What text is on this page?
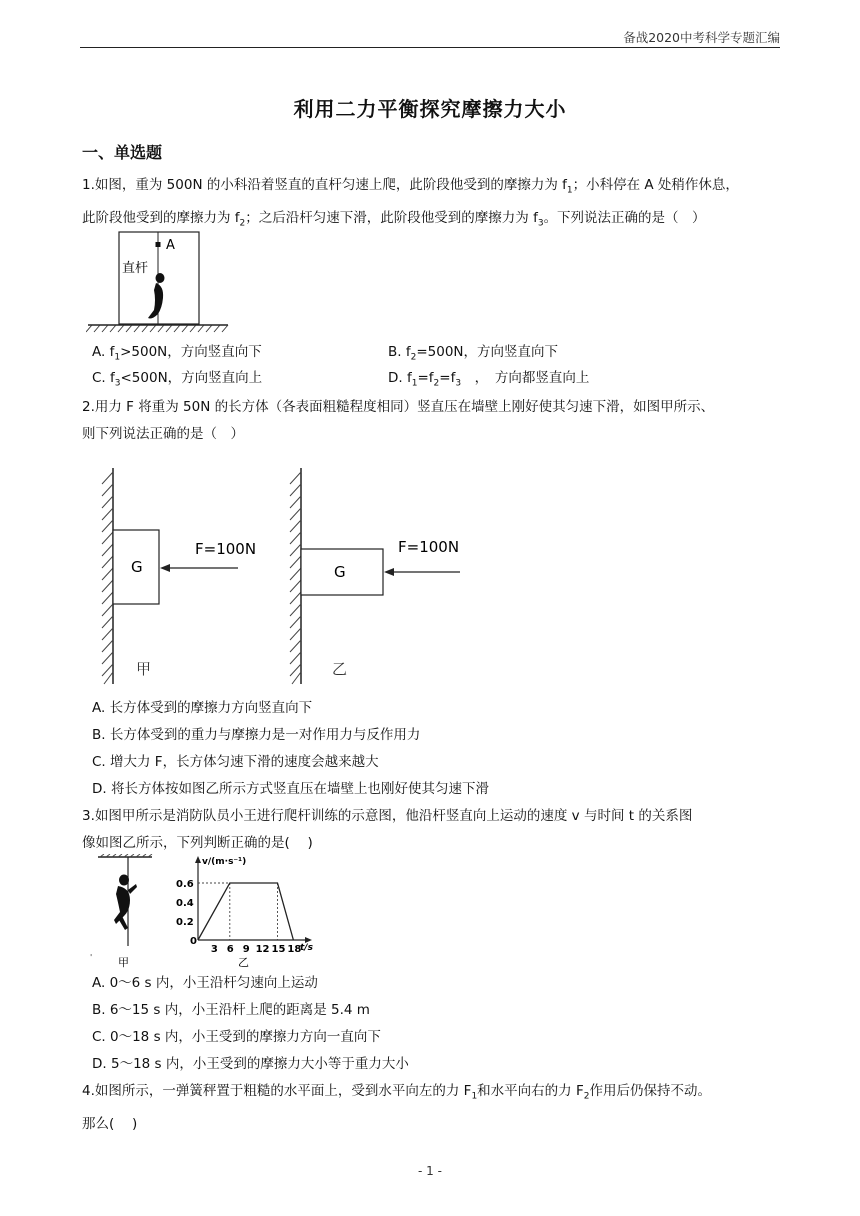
备战2020中考科学专题汇编
利用二力平衡探究摩擦力大小
一、单选题
1.如图，重为 500N 的小科沿着竖直的直杆匀速上爬，此阶段他受到的摩擦力为 $f_1$；小科停在 A 处稍作休息，
此阶段他受到的摩擦力为 $f_2$；之后沿杆匀速下滑，此阶段他受到的摩擦力为 $f_3$。下列说法正确的是（　）
A
直杆
A. $f_1>500N$，方向竖直向下	B. $f_2=500N$，方向竖直向下
C. $f_3<500N$，方向竖直向上	D. $f_1=f_2=f_3$　，　方向都竖直向上
2.用力 F 将重为 50N 的长方体（各表面粗糙程度相同）竖直压在墙壁上刚好使其匀速下滑，如图甲所示、
则下列说法正确的是（　）
G
F=100N
甲
G
F=100N
乙
A. 长方体受到的摩擦力方向竖直向下
B. 长方体受到的重力与摩擦力是一对作用力与反作用力
C. 增大力 F，长方体匀速下滑的速度会越来越大
D. 将长方体按如图乙所示方式竖直压在墙壁上也刚好使其匀速下滑
3.如图甲所示是消防队员小王进行爬杆训练的示意图，他沿杆竖直向上运动的速度 v 与时间 t 的关系图
像如图乙所示，下列判断正确的是(　 )
' 甲
v/(m·s⁻¹)
t/s
0.6
0.4
0.2
0
3 6 9 12 15 18
乙
A. 0～6 s 内，小王沿杆匀速向上运动
B. 6～15 s 内，小王沿杆上爬的距离是 5.4 m
C. 0～18 s 内，小王受到的摩擦力方向一直向下
D. 5～18 s 内，小王受到的摩擦力大小等于重力大小
4.如图所示，一弹簧秤置于粗糙的水平面上，受到水平向左的力 $F_1$和水平向右的力 $F_2$作用后仍保持不动。
那么(　 )
- 1 -
